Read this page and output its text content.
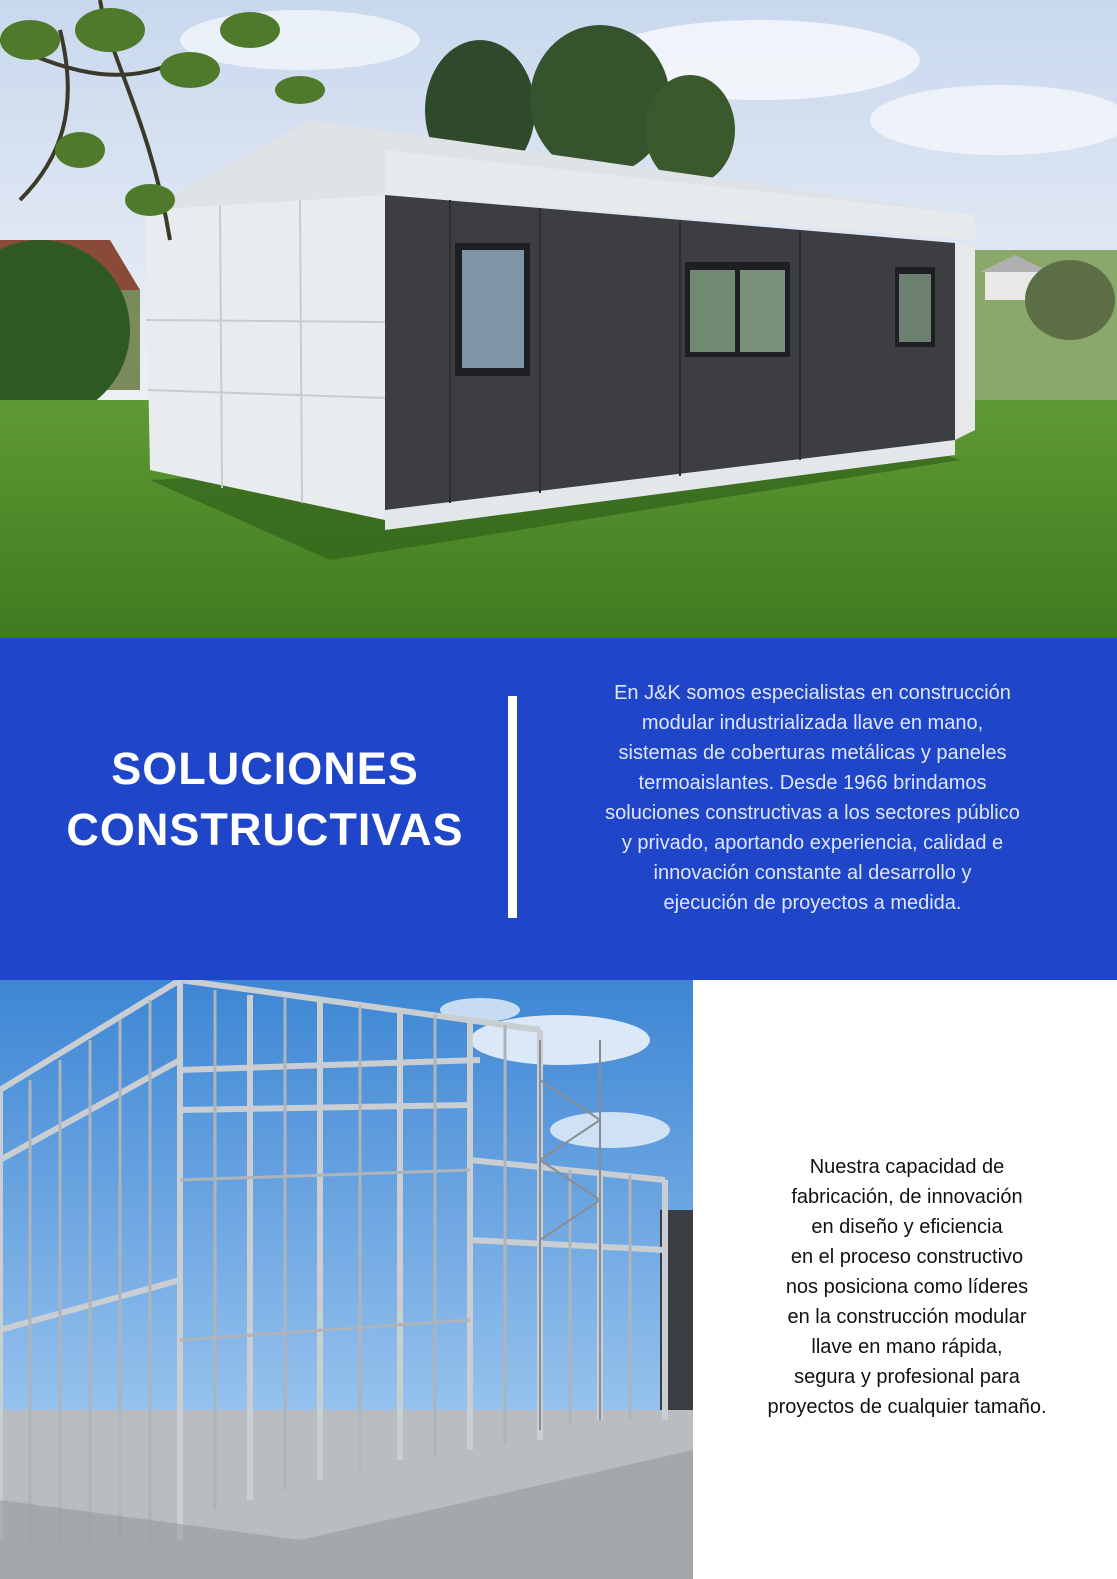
SOLUCIONES
CONSTRUCTIVAS
En J&K somos especialistas en construcción
modular industrializada llave en mano,
sistemas de coberturas metálicas y paneles
termoaislantes. Desde 1966 brindamos
soluciones constructivas a los sectores público
y privado, aportando experiencia, calidad e
innovación constante al desarrollo y
ejecución de proyectos a medida.
Nuestra capacidad de
fabricación, de innovación
en diseño y eficiencia
en el proceso constructivo
nos posiciona como líderes
en la construcción modular
llave en mano rápida,
segura y profesional para
proyectos de cualquier tamaño.
